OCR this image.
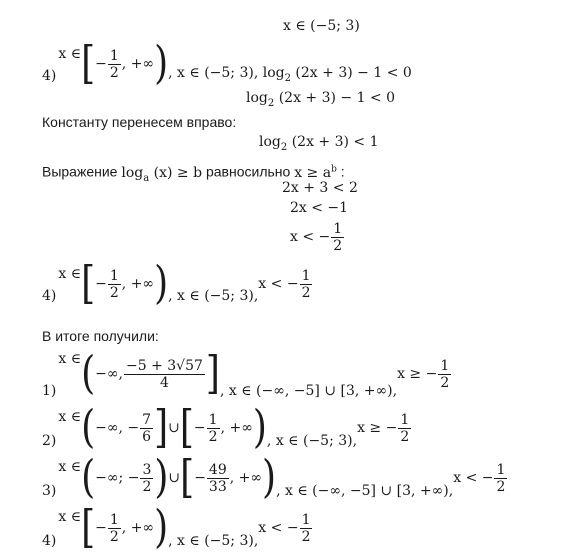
x ∈ (−5; 3)
4)
x ∈ [ − $\frac{1}{2}$ , +∞ ) , x ∈ (−5; 3), $\log_2 (2x + 3) - 1 < 0$
$\log_2 (2x + 3) - 1 < 0$
Константу перенесем вправо:
$\log_2 (2x + 3) < 1$
Выражение $\log_a (x) \ge b$ равносильно $x \ge a^b$ :
2x + 3 < 2
2x < −1
x < − $\frac{1}{2}$
4)
x ∈ [ − $\frac{1}{2}$ , +∞ ) , x ∈ (−5; 3),
x < − $\frac{1}{2}$
В итоге получили:
1)
x ∈ ( −∞, $\frac{-5 + 3√57}{4}$ ] , x ∈ (−∞, −5] ∪ [3, +∞),
x ≥ − $\frac{1}{2}$
2)
x ∈ ( −∞, − $\frac{7}{6}$ ] ∪ [ − $\frac{1}{2}$ , +∞ ) , x ∈ (−5; 3),
x ≥ − $\frac{1}{2}$
3)
x ∈ ( −∞; − $\frac{3}{2}$ ) ∪ [ − $\frac{49}{33}$ , +∞ ) , x ∈ (−∞, −5] ∪ [3, +∞),
x < − $\frac{1}{2}$
4)
x ∈ [ − $\frac{1}{2}$ , +∞ ) , x ∈ (−5; 3),
x < − $\frac{1}{2}$
